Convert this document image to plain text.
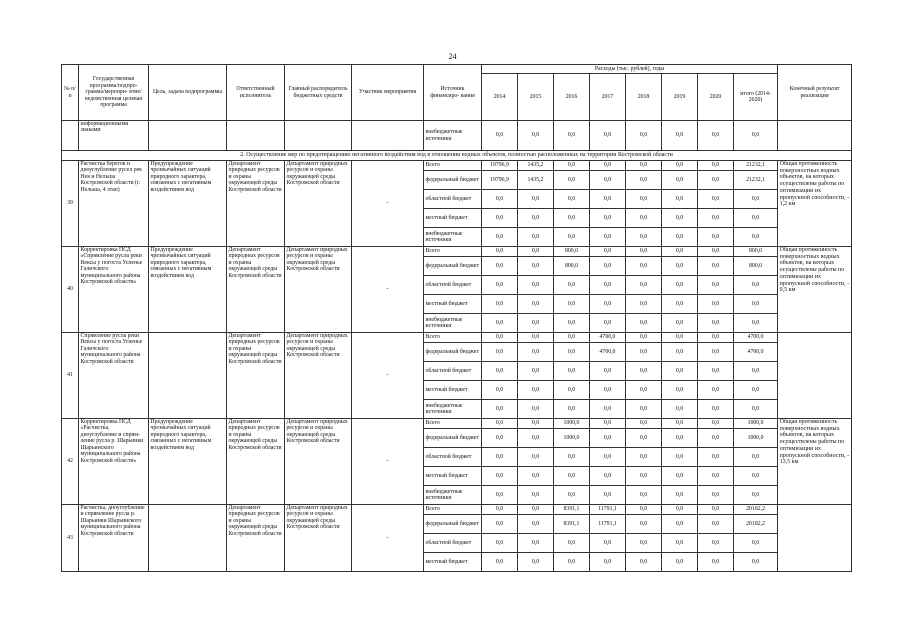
24
№ п/п	Государственная программа/подпро- грамма/меропри- ятие/ведомственная целевая программа	Цель, задача подпрограммы	Ответственный исполнитель	Главный распорядитель бюджетных средств	Участник мероприятия	Источник финансиро- вания	Расходы (тыс. рублей), годы								Конечный результат реализации
							2014	2015	2016	2017	2018	2019	2020	итого (2014-2020)	
	информационными знаками					внебюджетные источники	0,0	0,0	0,0	0,0	0,0	0,0	0,0	0,0	
2. Осуществление мер по предотвращению негативного воздействия вод в отношении водных объектов, полностью расположенных на территории Костромской области															
39	Расчистка берегов и дноуглубление русел рек Нея и Нельша Костромской области (г. Нельша, 4 этап)	Предупреждение чрезвычайных ситуаций природного характера, связанных с негативным воздействием вод	Департамент природных ресурсов и охраны окружающей среды Костромской области	Департамент природных ресурсов и охраны окружающей среды Костромской области	-	Всего	19796,9	1435,2	0,0	0,0	0,0	0,0	0,0	21232,1	Общая протяженность поверхностных водных объектов, на которых осуществлены работы по оптимизации их пропускной способности, - 1,2 км
						федеральный бюджет	19796,9	1435,2	0,0	0,0	0,0	0,0	0,0	21232,1	
						областной бюджет	0,0	0,0	0,0	0,0	0,0	0,0	0,0	0,0	
						местный бюджет	0,0	0,0	0,0	0,0	0,0	0,0	0,0	0,0	
						внебюджетные источники	0,0	0,0	0,0	0,0	0,0	0,0	0,0	0,0	
40	Корректировка ПСД «Спрямление русла реки Вексы у погоста Успенье Галичского муниципального района Костромской области»	Предупреждение чрезвычайных ситуаций природного характера, связанных с негативным воздействием вод	Департамент природных ресурсов и охраны окружающей среды Костромской области	Департамент природных ресурсов и охраны окружающей среды Костромской области	-	Всего	0,0	0,0	800,0	0,0	0,0	0,0	0,0	800,0	Общая протяженность поверхностных водных объектов, на которых осуществлены работы по оптимизации их пропускной способности, - 0,5 км
						федеральный бюджет	0,0	0,0	800,0	0,0	0,0	0,0	0,0	800,0	
						областной бюджет	0,0	0,0	0,0	0,0	0,0	0,0	0,0	0,0	
						местный бюджет	0,0	0,0	0,0	0,0	0,0	0,0	0,0	0,0	
						внебюджетные источники	0,0	0,0	0,0	0,0	0,0	0,0	0,0	0,0	
41	Спрямление русла реки Вексы у погоста Успенье Галичского муниципального района Костромской области		Департамент природных ресурсов и охраны окружающей среды Костромской области	Департамент природных ресурсов и охраны окружающей среды Костромской области	-	Всего	0,0	0,0	0,0	4700,0	0,0	0,0	0,0	4700,0	
						федеральный бюджет	0,0	0,0	0,0	4700,0	0,0	0,0	0,0	4700,0	
						областной бюджет	0,0	0,0	0,0	0,0	0,0	0,0	0,0	0,0	
						местный бюджет	0,0	0,0	0,0	0,0	0,0	0,0	0,0	0,0	
						внебюджетные источники	0,0	0,0	0,0	0,0	0,0	0,0	0,0	0,0	
42	Корректировка ПСД «Расчистка, дноуглубление и спрям- ление русла р. Шарьинки Шарьинского муниципального района Костромской области»	Предупреждение чрезвычайных ситуаций природного характера, связанных с негативным воздействием вод	Департамент природных ресурсов и охраны окружающей среды Костромской области	Департамент природных ресурсов и охраны окружающей среды Костромской области	-	Всего	0,0	0,0	1000,0	0,0	0,0	0,0	0,0	1000,0	Общая протяженность поверхностных водных объектов, на которых осуществлены работы по оптимизации их пропускной способности, - 13,5 км
						федеральный бюджет	0,0	0,0	1000,0	0,0	0,0	0,0	0,0	1000,0	
						областной бюджет	0,0	0,0	0,0	0,0	0,0	0,0	0,0	0,0	
						местный бюджет	0,0	0,0	0,0	0,0	0,0	0,0	0,0	0,0	
						внебюджетные источники	0,0	0,0	0,0	0,0	0,0	0,0	0,0	0,0	
43	Расчистка, дноуглубление и спрямление русла р. Шарьинки Шарьинского муниципального района Костромской области		Департамент природных ресурсов и охраны окружающей среды Костромской области	Департамент природных ресурсов и охраны окружающей среды Костромской области	-	Всего	0,0	0,0	8391,1	11791,1	0,0	0,0	0,0	20182,2	
						федеральный бюджет	0,0	0,0	8391,1	11791,1	0,0	0,0	0,0	20182,2	
						областной бюджет	0,0	0,0	0,0	0,0	0,0	0,0	0,0	0,0	
						местный бюджет	0,0	0,0	0,0	0,0	0,0	0,0	0,0	0,0	
